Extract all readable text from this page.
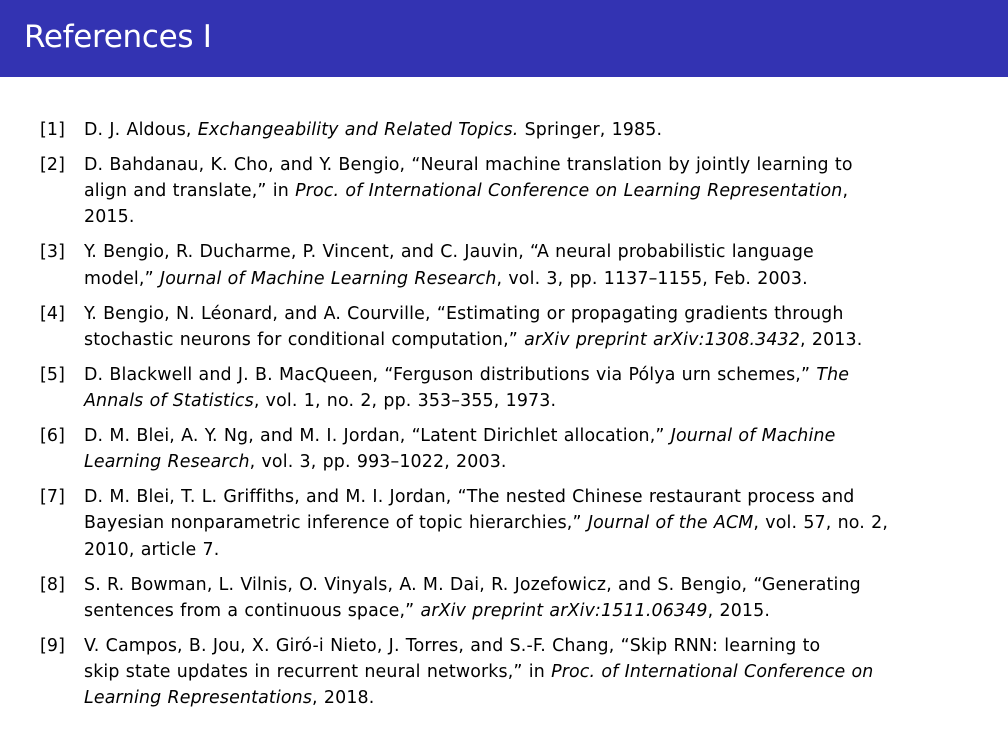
References I
[1] D. J. Aldous, Exchangeability and Related Topics. Springer, 1985.
[2] D. Bahdanau, K. Cho, and Y. Bengio, “Neural machine translation by jointly learning to
align and translate,” in Proc. of International Conference on Learning Representation,
2015.
[3] Y. Bengio, R. Ducharme, P. Vincent, and C. Jauvin, “A neural probabilistic language
model,” Journal of Machine Learning Research, vol. 3, pp. 1137–1155, Feb. 2003.
[4] Y. Bengio, N. Léonard, and A. Courville, “Estimating or propagating gradients through
stochastic neurons for conditional computation,” arXiv preprint arXiv:1308.3432, 2013.
[5] D. Blackwell and J. B. MacQueen, “Ferguson distributions via Pólya urn schemes,” The
Annals of Statistics, vol. 1, no. 2, pp. 353–355, 1973.
[6] D. M. Blei, A. Y. Ng, and M. I. Jordan, “Latent Dirichlet allocation,” Journal of Machine
Learning Research, vol. 3, pp. 993–1022, 2003.
[7] D. M. Blei, T. L. Griffiths, and M. I. Jordan, “The nested Chinese restaurant process and
Bayesian nonparametric inference of topic hierarchies,” Journal of the ACM, vol. 57, no. 2,
2010, article 7.
[8] S. R. Bowman, L. Vilnis, O. Vinyals, A. M. Dai, R. Jozefowicz, and S. Bengio, “Generating
sentences from a continuous space,” arXiv preprint arXiv:1511.06349, 2015.
[9] V. Campos, B. Jou, X. Giró-i Nieto, J. Torres, and S.-F. Chang, “Skip RNN: learning to
skip state updates in recurrent neural networks,” in Proc. of International Conference on
Learning Representations, 2018.
